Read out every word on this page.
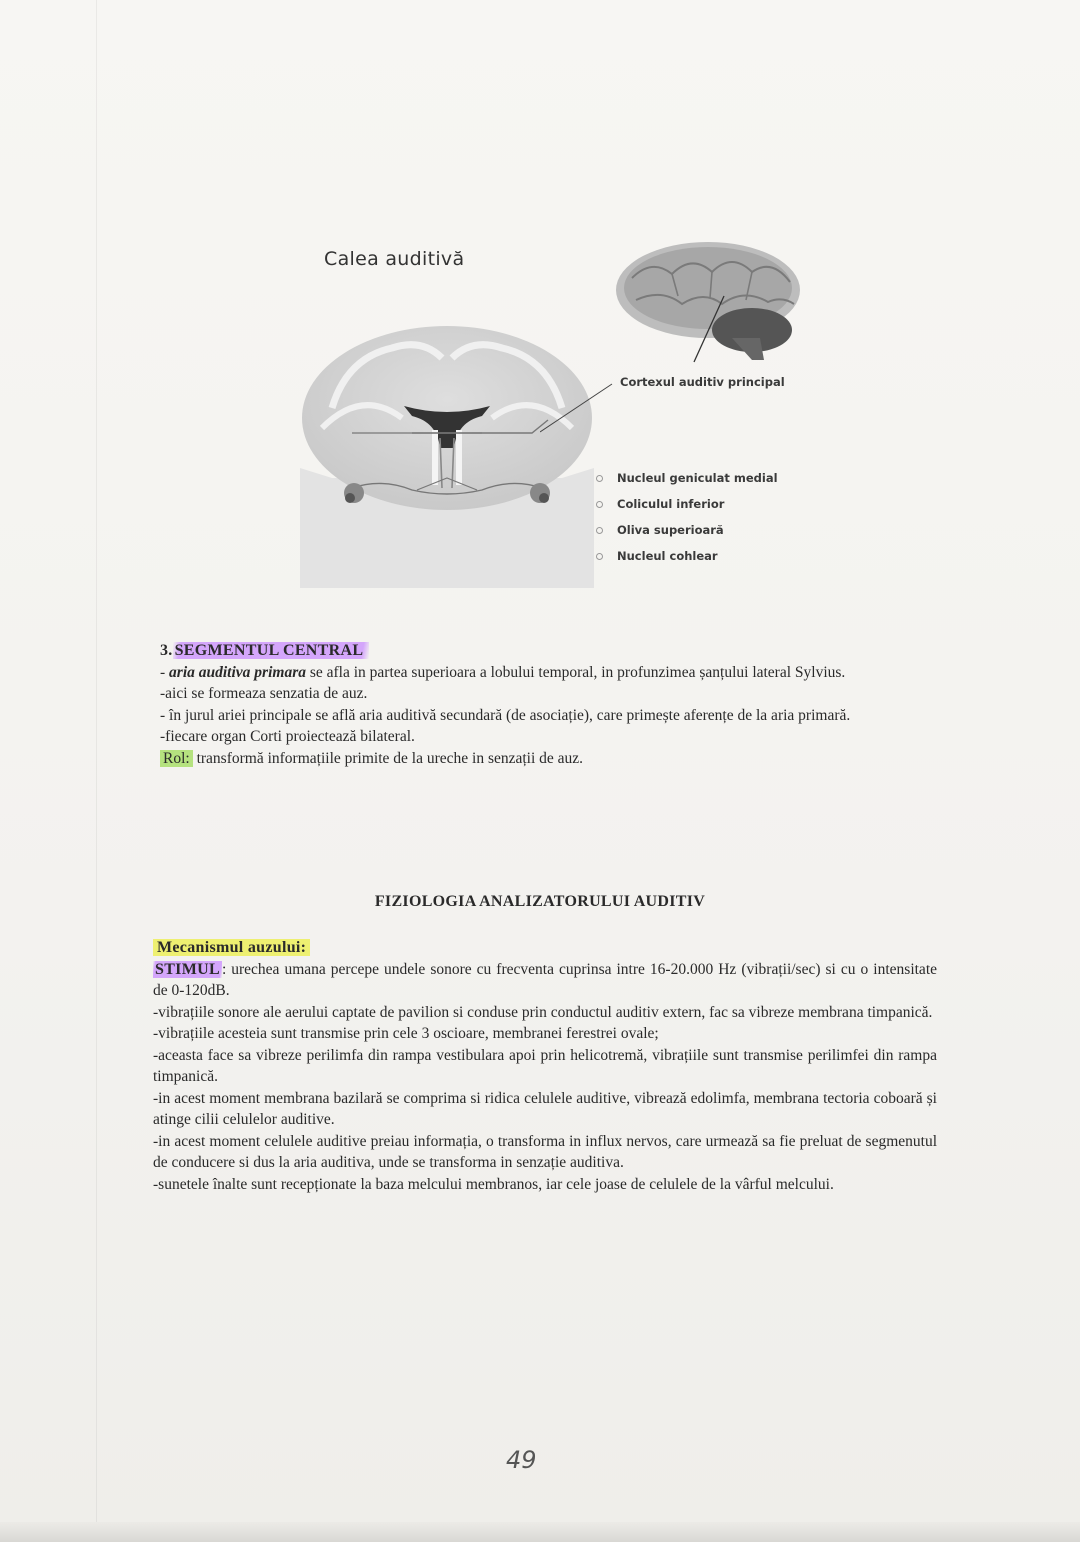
Calea auditivă
Cortexul auditiv principal
Nucleul geniculat medial
Coliculul inferior
Oliva superioară
Nucleul cohlear
3. SEGMENTUL CENTRAL
- aria auditiva primara se afla in partea superioara a lobului temporal, in profunzimea șanțului lateral Sylvius.
-aici se formeaza senzatia de auz.
- în jurul ariei principale se află aria auditivă secundară (de asociație), care primește aferențe de la aria primară.
-fiecare organ Corti proiectează bilateral.
Rol: transformă informațiile primite de la ureche in senzații de auz.
FIZIOLOGIA ANALIZATORULUI AUDITIV
Mecanismul auzului:
STIMUL : urechea umana percepe undele sonore cu frecventa cuprinsa intre 16-20.000 Hz (vibrații/sec) si cu o intensitate de 0-120dB.
-vibrațiile sonore ale aerului captate de pavilion si conduse prin conductul auditiv extern, fac sa vibreze membrana timpanică.
-vibrațiile acesteia sunt transmise prin cele 3 oscioare, membranei ferestrei ovale;
-aceasta face sa vibreze perilimfa din rampa vestibulara apoi prin helicotremă, vibrațiile sunt transmise perilimfei din rampa timpanică.
-in acest moment membrana bazilară se comprima si ridica celulele auditive, vibrează edolimfa, membrana tectoria coboară și atinge cilii celulelor auditive.
-in acest moment celulele auditive preiau informația, o transforma in influx nervos, care urmează sa fie preluat de segmenutul de conducere si dus la aria auditiva, unde se transforma in senzație auditiva.
-sunetele înalte sunt recepționate la baza melcului membranos, iar cele joase de celulele de la vârful melcului.
49
